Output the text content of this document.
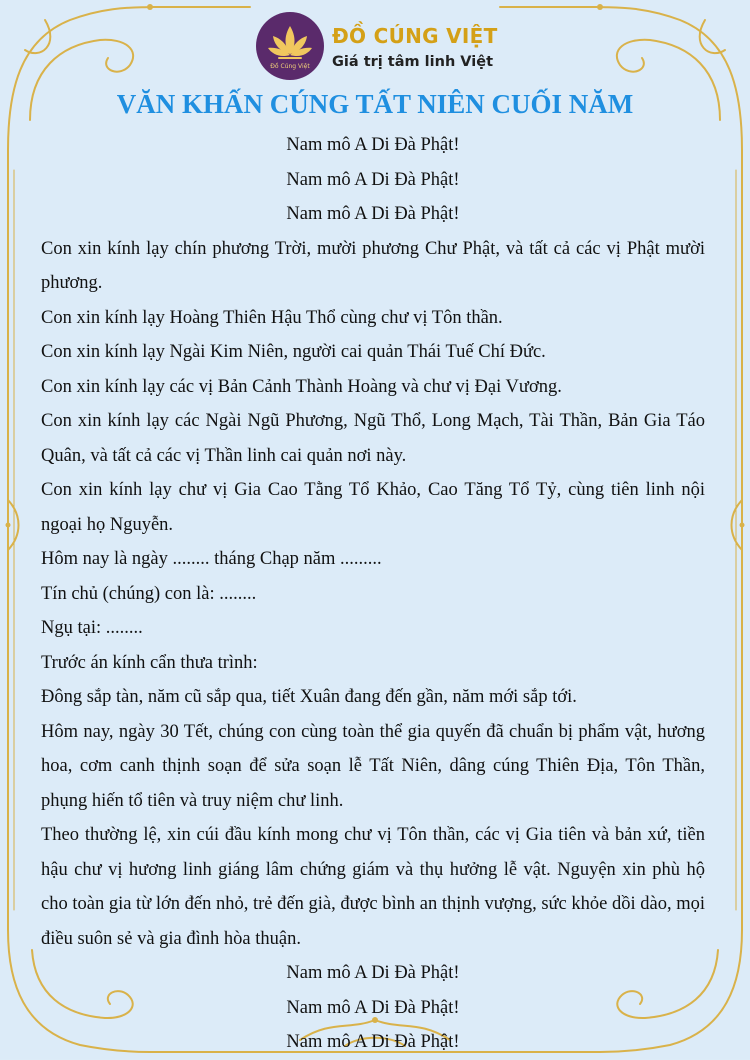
Đồ Cúng Việt
ĐỒ CÚNG VIỆT
Giá trị tâm linh Việt
VĂN KHẤN CÚNG TẤT NIÊN CUỐI NĂM

Nam mô A Di Đà Phật!

Nam mô A Di Đà Phật!

Nam mô A Di Đà Phật!

Con xin kính lạy chín phương Trời, mười phương Chư Phật, và tất cả các vị Phật mười phương.

Con xin kính lạy Hoàng Thiên Hậu Thổ cùng chư vị Tôn thần.

Con xin kính lạy Ngài Kim Niên, người cai quản Thái Tuế Chí Đức.

Con xin kính lạy các vị Bản Cảnh Thành Hoàng và chư vị Đại Vương.

Con xin kính lạy các Ngài Ngũ Phương, Ngũ Thổ, Long Mạch, Tài Thần, Bản Gia Táo Quân, và tất cả các vị Thần linh cai quản nơi này.

Con xin kính lạy chư vị Gia Cao Tằng Tổ Khảo, Cao Tăng Tổ Tỷ, cùng tiên linh nội ngoại họ Nguyễn.

Hôm nay là ngày ........ tháng Chạp năm .........

Tín chủ (chúng) con là: ........

Ngụ tại: ........

Trước án kính cẩn thưa trình:

Đông sắp tàn, năm cũ sắp qua, tiết Xuân đang đến gần, năm mới sắp tới.

Hôm nay, ngày 30 Tết, chúng con cùng toàn thể gia quyến đã chuẩn bị phẩm vật, hương hoa, cơm canh thịnh soạn để sửa soạn lễ Tất Niên, dâng cúng Thiên Địa, Tôn Thần, phụng hiến tổ tiên và truy niệm chư linh.

Theo thường lệ, xin cúi đầu kính mong chư vị Tôn thần, các vị Gia tiên và bản xứ, tiền hậu chư vị hương linh giáng lâm chứng giám và thụ hưởng lễ vật. Nguyện xin phù hộ cho toàn gia từ lớn đến nhỏ, trẻ đến già, được bình an thịnh vượng, sức khỏe dồi dào, mọi điều suôn sẻ và gia đình hòa thuận.

Nam mô A Di Đà Phật!

Nam mô A Di Đà Phật!

Nam mô A Di Đà Phật!
